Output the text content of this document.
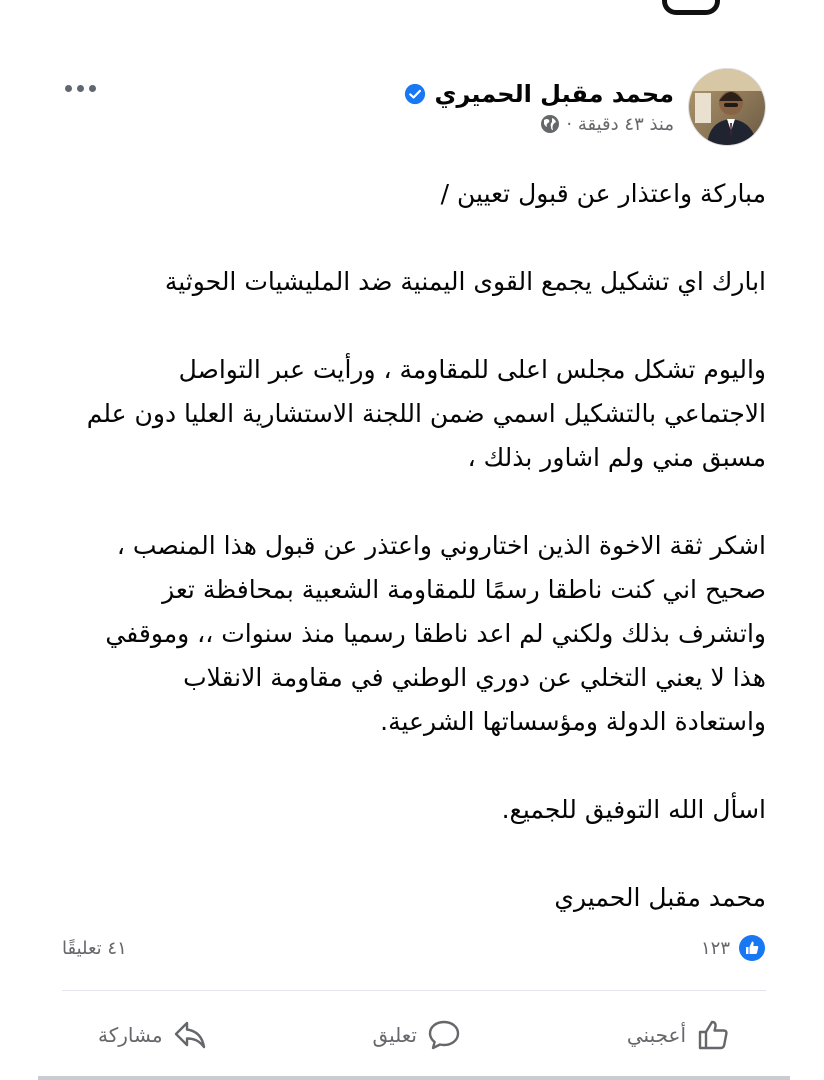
محمد مقبل الحميري
منذ ٤٣ دقيقة ·

مباركة واعتذار عن قبول تعيين /

ابارك اي تشكيل يجمع القوى اليمنية ضد المليشيات الحوثية

واليوم تشكل مجلس اعلى للمقاومة ، ورأيت عبر التواصل
الاجتماعي بالتشكيل اسمي ضمن اللجنة الاستشارية العليا دون علم
مسبق مني ولم اشاور بذلك ،

اشكر ثقة الاخوة الذين اختاروني واعتذر عن قبول هذا المنصب ،
صحيح اني كنت ناطقا رسمًا للمقاومة الشعبية بمحافظة تعز
واتشرف بذلك ولكني لم اعد ناطقا رسميا منذ سنوات ،، وموقفي
هذا لا يعني التخلي عن دوري الوطني في مقاومة الانقلاب
واستعادة الدولة ومؤسساتها الشرعية.

اسأل الله التوفيق للجميع.

محمد مقبل الحميري

١٢٣
٤١ تعليقًا
أعجبني
تعليق
مشاركة
